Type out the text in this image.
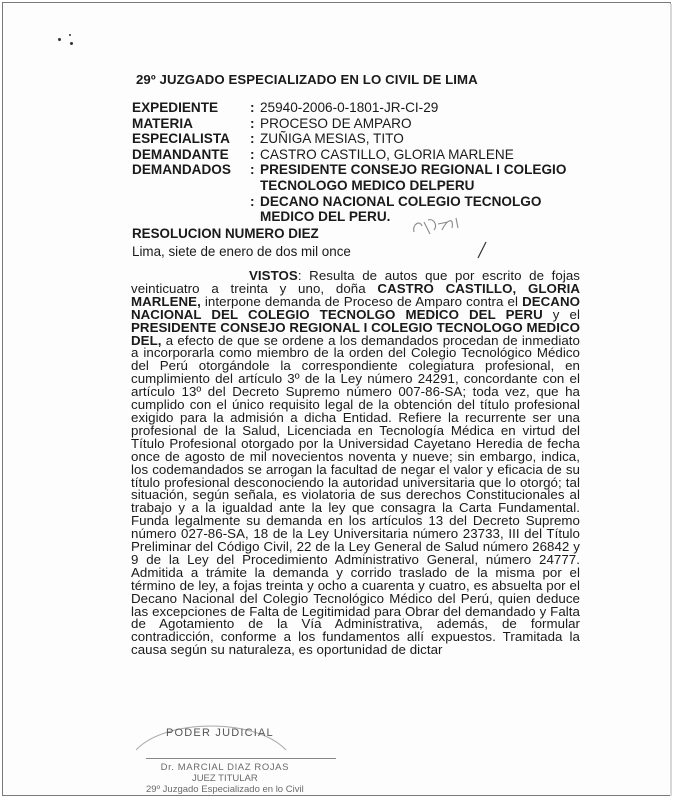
29º JUZGADO ESPECIALIZADO EN LO CIVIL DE LIMA
EXPEDIENTE	: 25940-2006-0-1801-JR-CI-29
MATERIA	: PROCESO DE AMPARO
ESPECIALISTA	: ZUÑIGA MESIAS, TITO
DEMANDANTE	: CASTRO CASTILLO, GLORIA MARLENE
DEMANDADOS	: PRESIDENTE CONSEJO REGIONAL I COLEGIO TECNOLOGO MEDICO DELPERU
: DECANO NACIONAL COLEGIO TECNOLGO MEDICO DEL PERU.
RESOLUCION NUMERO DIEZ
Lima, siete de enero de dos mil once

VISTOS: Resulta de autos que por escrito de fojas veinticuatro a treinta y uno, doña CASTRO CASTILLO, GLORIA MARLENE, interpone demanda de Proceso de Amparo contra el DECANO NACIONAL DEL COLEGIO TECNOLGO MEDICO DEL PERU y el PRESIDENTE CONSEJO REGIONAL I COLEGIO TECNOLOGO MEDICO DEL, a efecto de que se ordene a los demandados procedan de inmediato a incorporarla como miembro de la orden del Colegio Tecnológico Médico del Perú otorgándole la correspondiente colegiatura profesional, en cumplimiento del artículo 3º de la Ley número 24291, concordante con el artículo 13º del Decreto Supremo número 007-86-SA; toda vez, que ha cumplido con el único requisito legal de la obtención del título profesional exigido para la admisión a dicha Entidad. Refiere la recurrente ser una profesional de la Salud, Licenciada en Tecnología Médica en virtud del Título Profesional otorgado por la Universidad Cayetano Heredia de fecha once de agosto de mil novecientos noventa y nueve; sin embargo, indica, los codemandados se arrogan la facultad de negar el valor y eficacia de su título profesional desconociendo la autoridad universitaria que lo otorgó; tal situación, según señala, es violatoria de sus derechos Constitucionales al trabajo y a la igualdad ante la ley que consagra la Carta Fundamental. Funda legalmente su demanda en los artículos 13 del Decreto Supremo número 027-86-SA, 18 de la Ley Universitaria número 23733, III del Título Preliminar del Código Civil, 22 de la Ley General de Salud número 26842 y 9 de la Ley del Procedimiento Administrativo General, número 24777. Admitida a trámite la demanda y corrido traslado de la misma por el término de ley, a fojas treinta y ocho a cuarenta y cuatro, es absuelta por el Decano Nacional del Colegio Tecnológico Médico del Perú, quien deduce las excepciones de Falta de Legitimidad para Obrar del demandado y Falta de Agotamiento de la Vía Administrativa, además, de formular contradicción, conforme a los fundamentos allí expuestos. Tramitada la causa según su naturaleza, es oportunidad de dictar

PODER JUDICIAL
Dr. MARCIAL DIAZ ROJAS
JUEZ TITULAR
29º Juzgado Especializado en lo Civil
